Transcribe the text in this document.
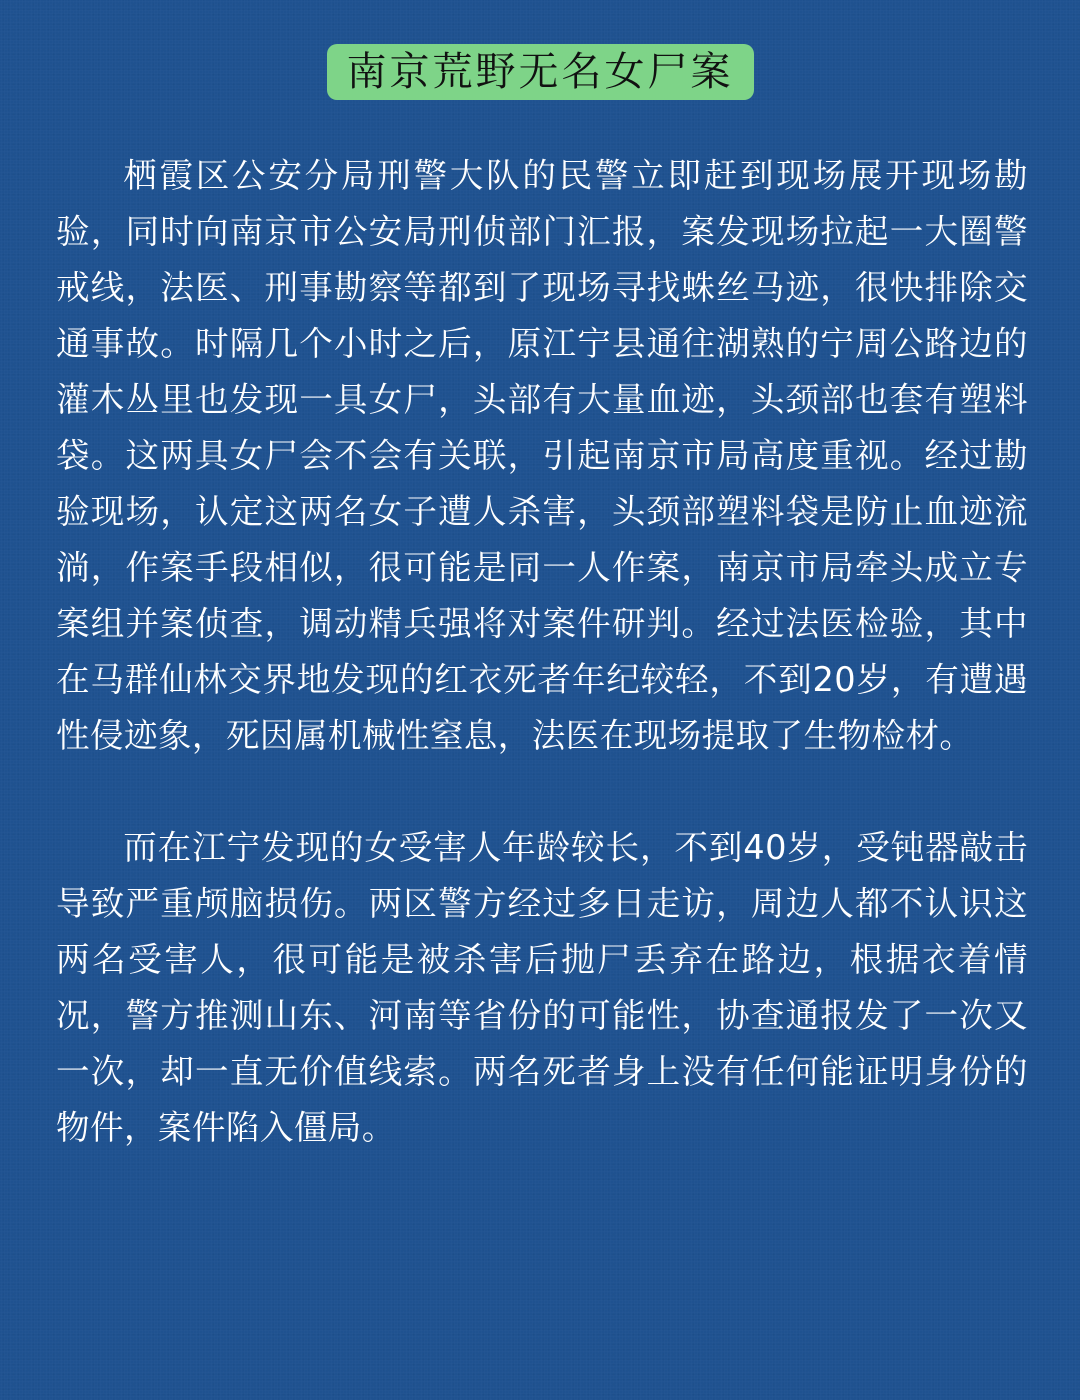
南京荒野无名女尸案

栖霞区公安分局刑警大队的民警立即赶到现场展开现场勘验，同时向南京市公安局刑侦部门汇报，案发现场拉起一大圈警戒线，法医、刑事勘察等都到了现场寻找蛛丝马迹，很快排除交通事故。时隔几个小时之后，原江宁县通往湖熟的宁周公路边的灌木丛里也发现一具女尸，头部有大量血迹，头颈部也套有塑料袋。这两具女尸会不会有关联，引起南京市局高度重视。经过勘验现场，认定这两名女子遭人杀害，头颈部塑料袋是防止血迹流淌，作案手段相似，很可能是同一人作案，南京市局牵头成立专案组并案侦查，调动精兵强将对案件研判。经过法医检验，其中在马群仙林交界地发现的红衣死者年纪较轻，不到20岁，有遭遇性侵迹象，死因属机械性窒息，法医在现场提取了生物检材。

而在江宁发现的女受害人年龄较长，不到40岁，受钝器敲击导致严重颅脑损伤。两区警方经过多日走访，周边人都不认识这两名受害人，很可能是被杀害后抛尸丢弃在路边，根据衣着情况，警方推测山东、河南等省份的可能性，协查通报发了一次又一次，却一直无价值线索。两名死者身上没有任何能证明身份的物件，案件陷入僵局。
